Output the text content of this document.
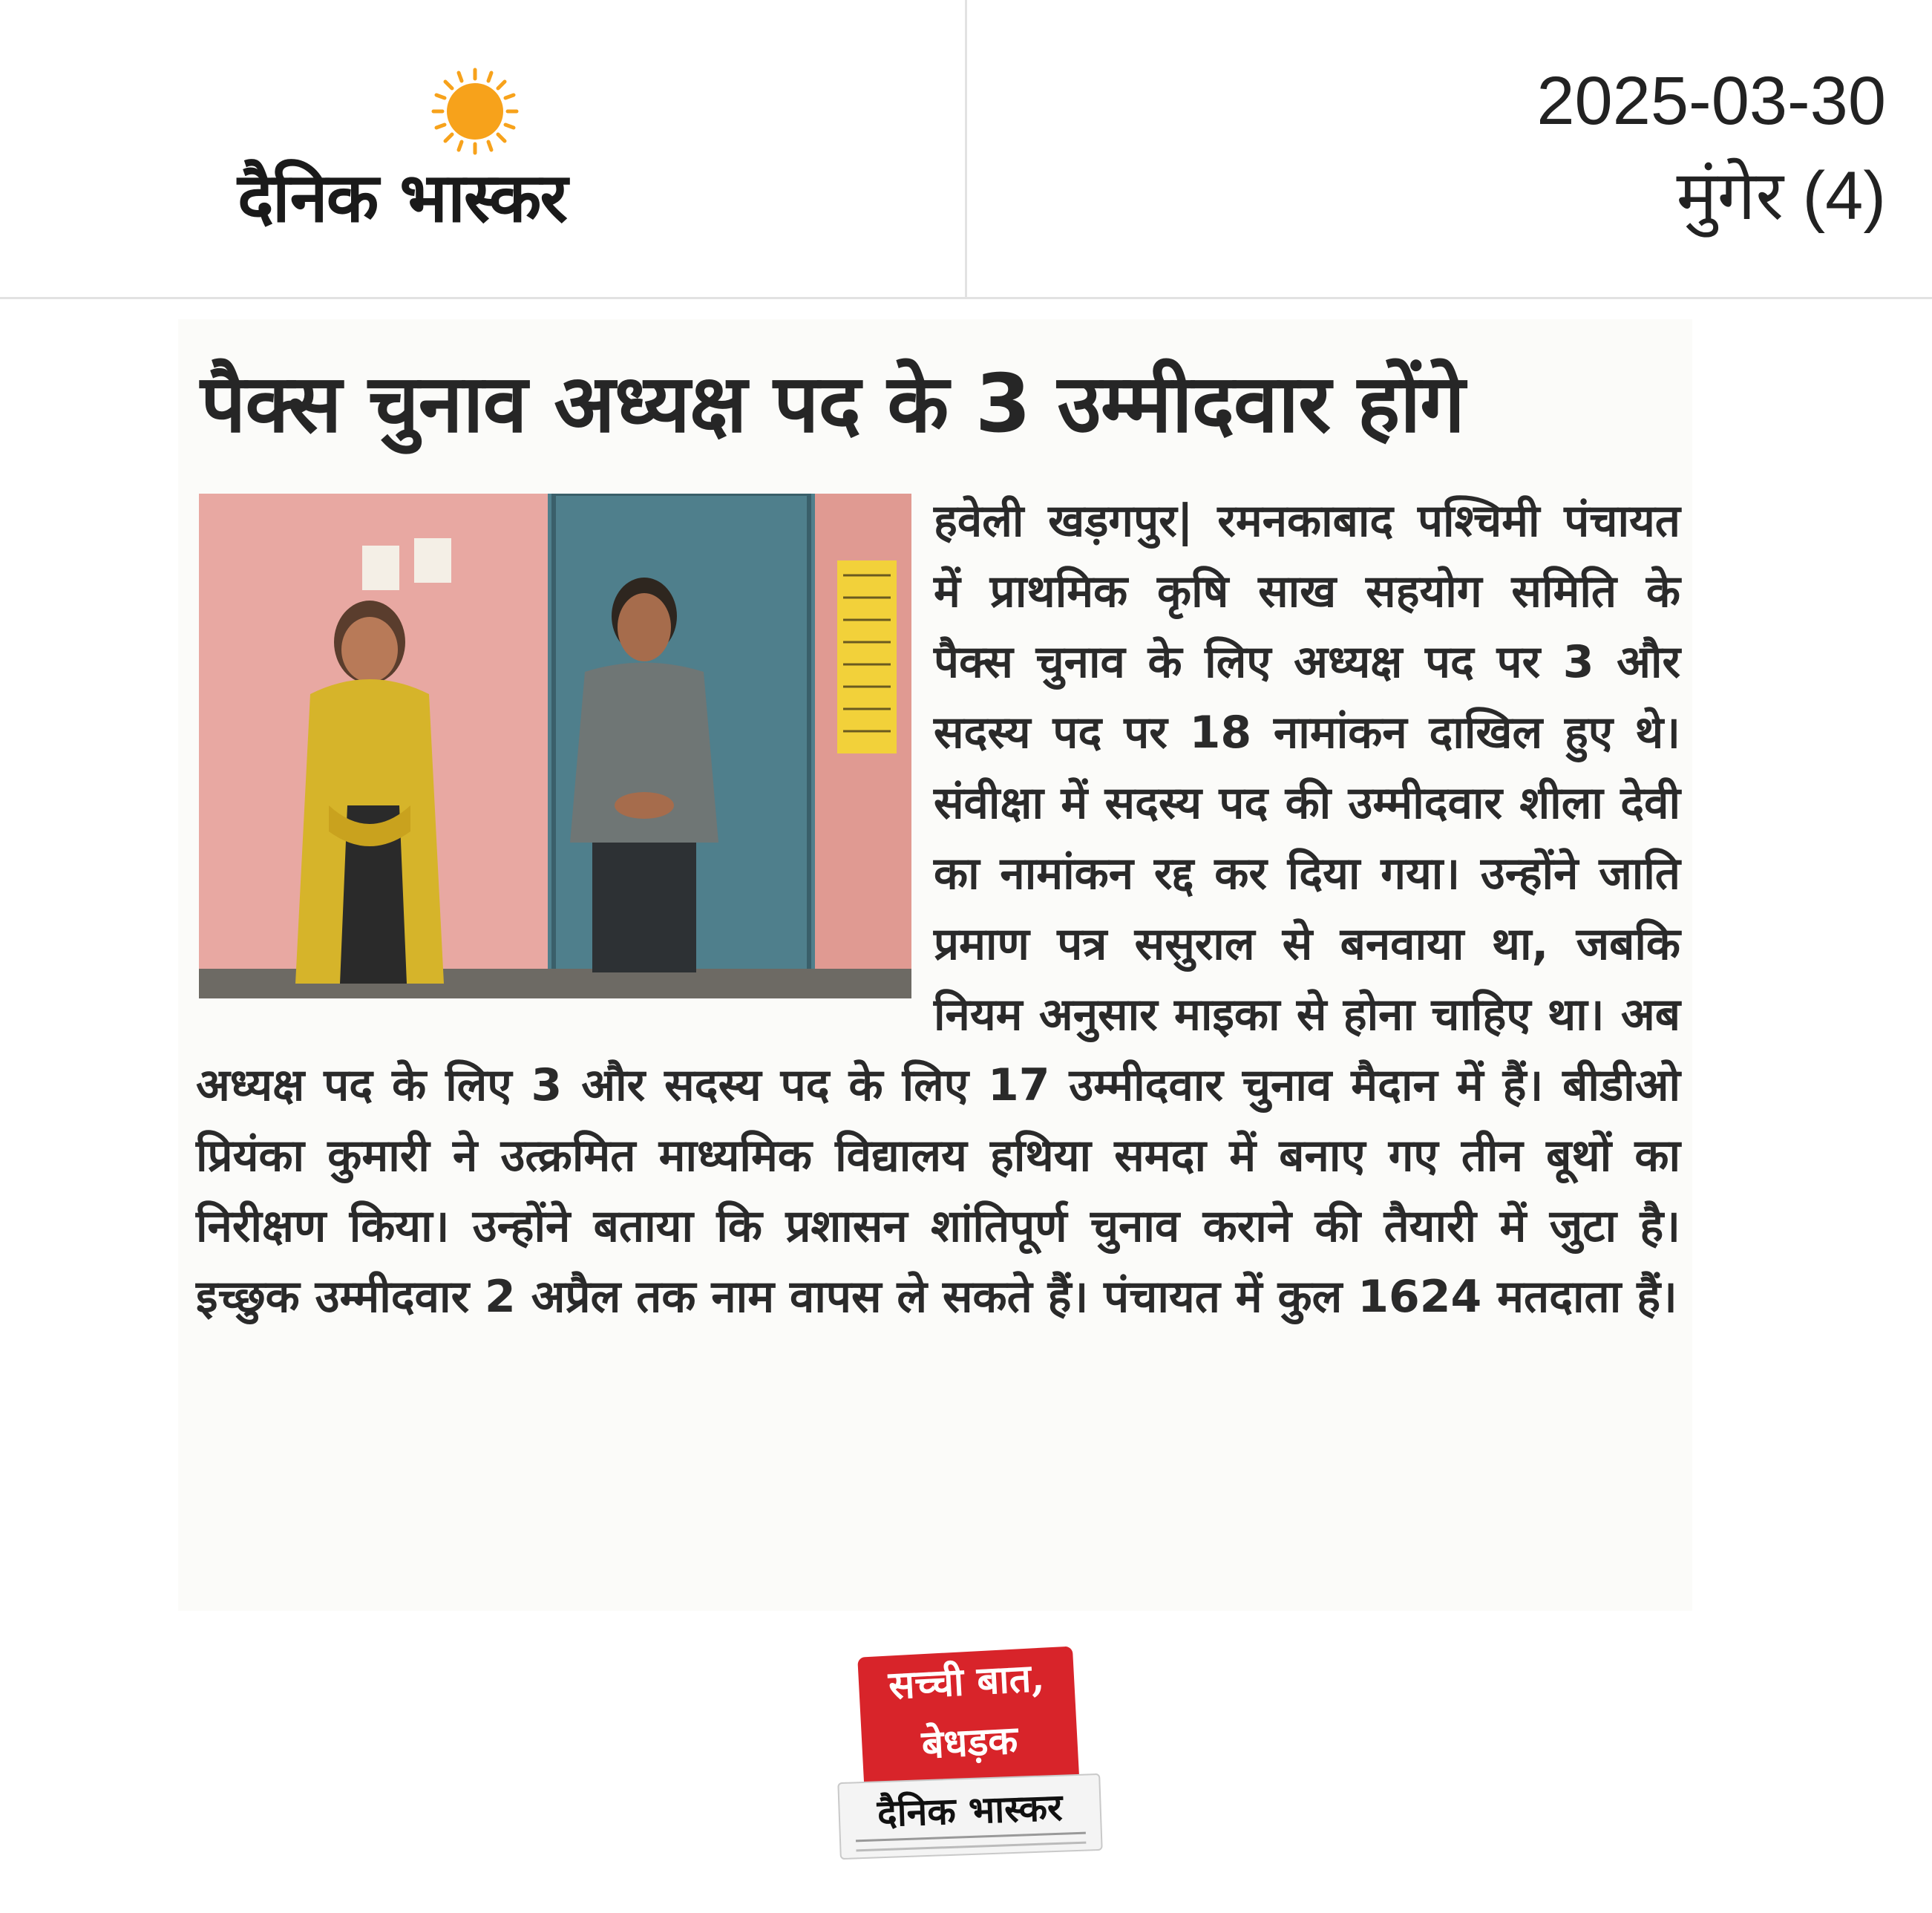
दैनिक भास्कर
2025-03-30
मुंगेर (4)
पैक्स चुनाव अध्यक्ष पद के 3 उम्मीदवार होंगे
हवेली खड़गपुर| रमनकाबाद पश्चिमी पंचायत में प्राथमिक कृषि साख सहयोग समिति के पैक्स चुनाव के लिए अध्यक्ष पद पर 3 और सदस्य पद पर 18 नामांकन दाखिल हुए थे। संवीक्षा में सदस्य पद की उम्मीदवार शीला देवी का नामांकन रद्द कर दिया गया। उन्होंने जाति प्रमाण पत्र ससुराल से बनवाया था, जबकि नियम अनुसार माइका से होना चाहिए था। अब अध्यक्ष पद के लिए 3 और सदस्य पद के लिए 17 उम्मीदवार चुनाव मैदान में हैं। बीडीओ प्रियंका कुमारी ने उत्क्रमित माध्यमिक विद्यालय हथिया समदा में बनाए गए तीन बूथों का निरीक्षण किया। उन्होंने बताया कि प्रशासन शांतिपूर्ण चुनाव कराने की तैयारी में जुटा है। इच्छुक उम्मीदवार 2 अप्रैल तक नाम वापस ले सकते हैं। पंचायत में कुल 1624 मतदाता हैं।
सच्ची बात,
बेधड़क
दैनिक भास्कर
